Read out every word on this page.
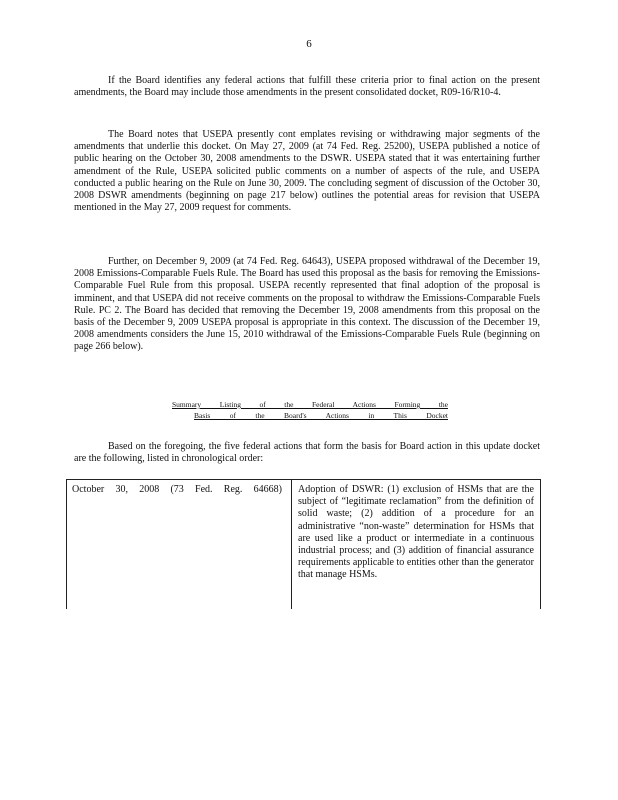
6

If the Board identifies any federal actions that fulfill these criteria prior to final action on the present amendments, the Board may include those amendments in the present consolidated docket, R09-16/R10-4.

The Board notes that USEPA presently cont emplates revising or withdrawing major segments of the amendments that underlie this docket. On May 27, 2009 (at 74 Fed. Reg. 25200), USEPA published a notice of public hearing on the October 30, 2008 amendments to the DSWR. USEPA stated that it was entertaining further amendment of the Rule, USEPA solicited public comments on a number of aspects of the rule, and USEPA conducted a public hearing on the Rule on June 30, 2009. The concluding segment of discussion of the October 30, 2008 DSWR amendments (beginning on page 217 below) outlines the potential areas for revision that USEPA mentioned in the May 27, 2009 request for comments.

Further, on December 9, 2009 (at 74 Fed. Reg. 64643), USEPA proposed withdrawal of the December 19, 2008 Emissions-Comparable Fuels Rule. The Board has used this proposal as the basis for removing the Emissions-Comparable Fuel Rule from this proposal. USEPA recently represented that final adoption of the proposal is imminent, and that USEPA did not receive comments on the proposal to withdraw the Emissions-Comparable Fuels Rule. PC 2. The Board has decided that removing the December 19, 2008 amendments from this proposal on the basis of the December 9, 2009 USEPA proposal is appropriate in this context. The discussion of the December 19, 2008 amendments considers the June 15, 2010 withdrawal of the Emissions-Comparable Fuels Rule (beginning on page 266 below).

Summary Listing of the Federal Actions Forming the
Basis of the Board's Actions in This Docket

Based on the foregoing, the five federal actions that form the basis for Board action in this update docket are the following, listed in chronological order:

October 30, 2008 (73 Fed. Reg. 64668) Adoption of DSWR: (1) exclusion of HSMs that are the subject of “legitimate reclamation” from the definition of solid waste; (2) addition of a procedure for an administrative “non-waste” determination for HSMs that are used like a product or intermediate in a continuous industrial process; and (3) addition of financial assurance requirements applicable to entities other than the generator that manage HSMs.
